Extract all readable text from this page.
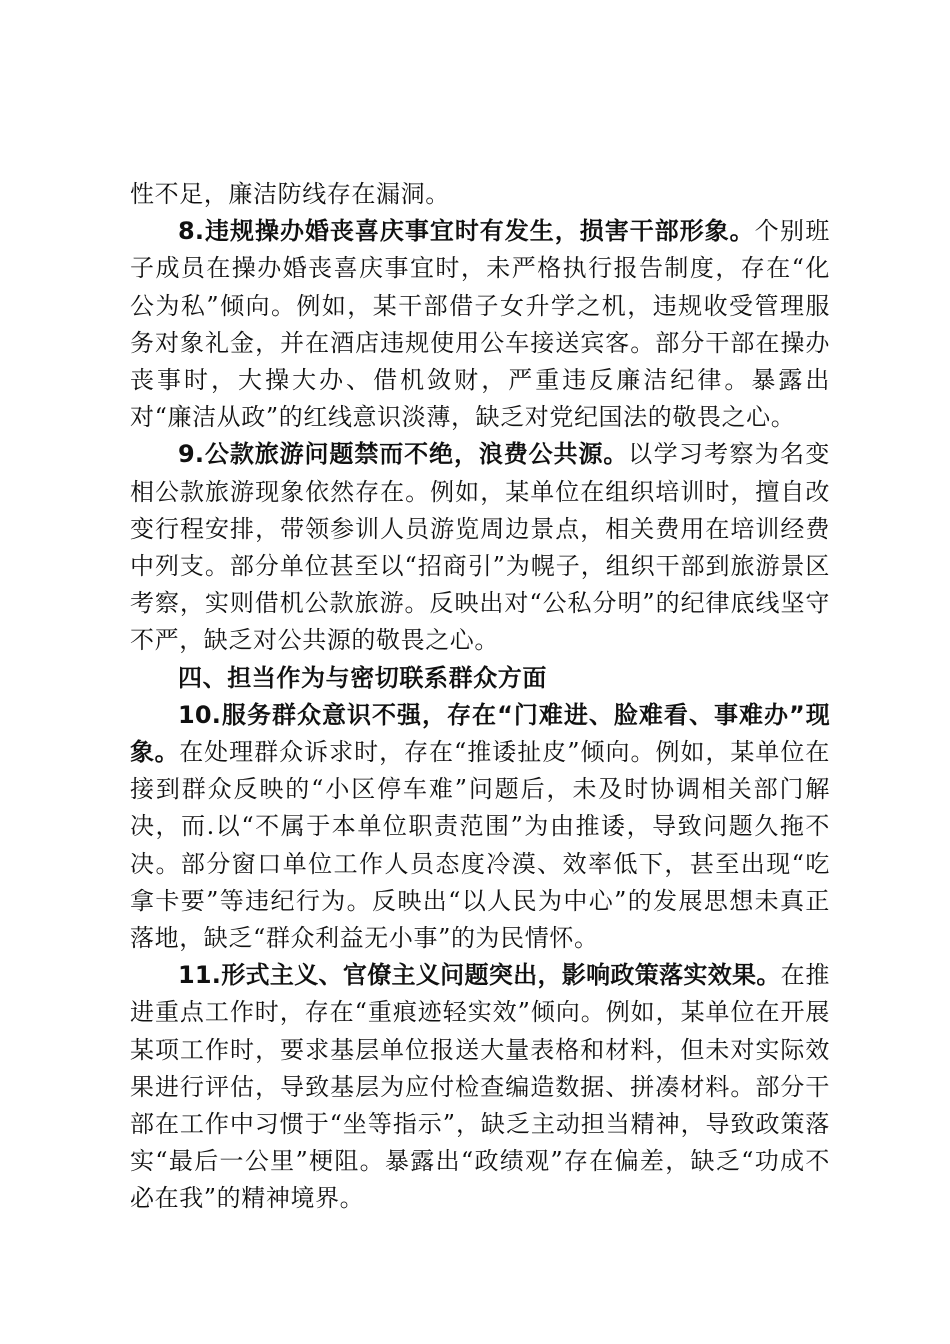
性不足，廉洁防线存在漏洞。

8.违规操办婚丧喜庆事宜时有发生，损害干部形象。个别班子成员在操办婚丧喜庆事宜时，未严格执行报告制度，存在“化公为私”倾向。例如，某干部借子女升学之机，违规收受管理服务对象礼金，并在酒店违规使用公车接送宾客。部分干部在操办丧事时，大操大办、借机敛财，严重违反廉洁纪律。暴露出对“廉洁从政”的红线意识淡薄，缺乏对党纪国法的敬畏之心。

9.公款旅游问题禁而不绝，浪费公共源。以学习考察为名变相公款旅游现象依然存在。例如，某单位在组织培训时，擅自改变行程安排，带领参训人员游览周边景点，相关费用在培训经费中列支。部分单位甚至以“招商引”为幌子，组织干部到旅游景区考察，实则借机公款旅游。反映出对“公私分明”的纪律底线坚守不严，缺乏对公共源的敬畏之心。

四、担当作为与密切联系群众方面

10.服务群众意识不强，存在“门难进、脸难看、事难办”现象。在处理群众诉求时，存在“推诿扯皮”倾向。例如，某单位在接到群众反映的“小区停车难”问题后，未及时协调相关部门解决，而.以“不属于本单位职责范围”为由推诿，导致问题久拖不决。部分窗口单位工作人员态度冷漠、效率低下，甚至出现“吃拿卡要”等违纪行为。反映出“以人民为中心”的发展思想未真正落地，缺乏“群众利益无小事”的为民情怀。

11.形式主义、官僚主义问题突出，影响政策落实效果。在推进重点工作时，存在“重痕迹轻实效”倾向。例如，某单位在开展某项工作时，要求基层单位报送大量表格和材料，但未对实际效果进行评估，导致基层为应付检查编造数据、拼凑材料。部分干部在工作中习惯于“坐等指示”，缺乏主动担当精神，导致政策落实“最后一公里”梗阻。暴露出“政绩观”存在偏差，缺乏“功成不必在我”的精神境界。
